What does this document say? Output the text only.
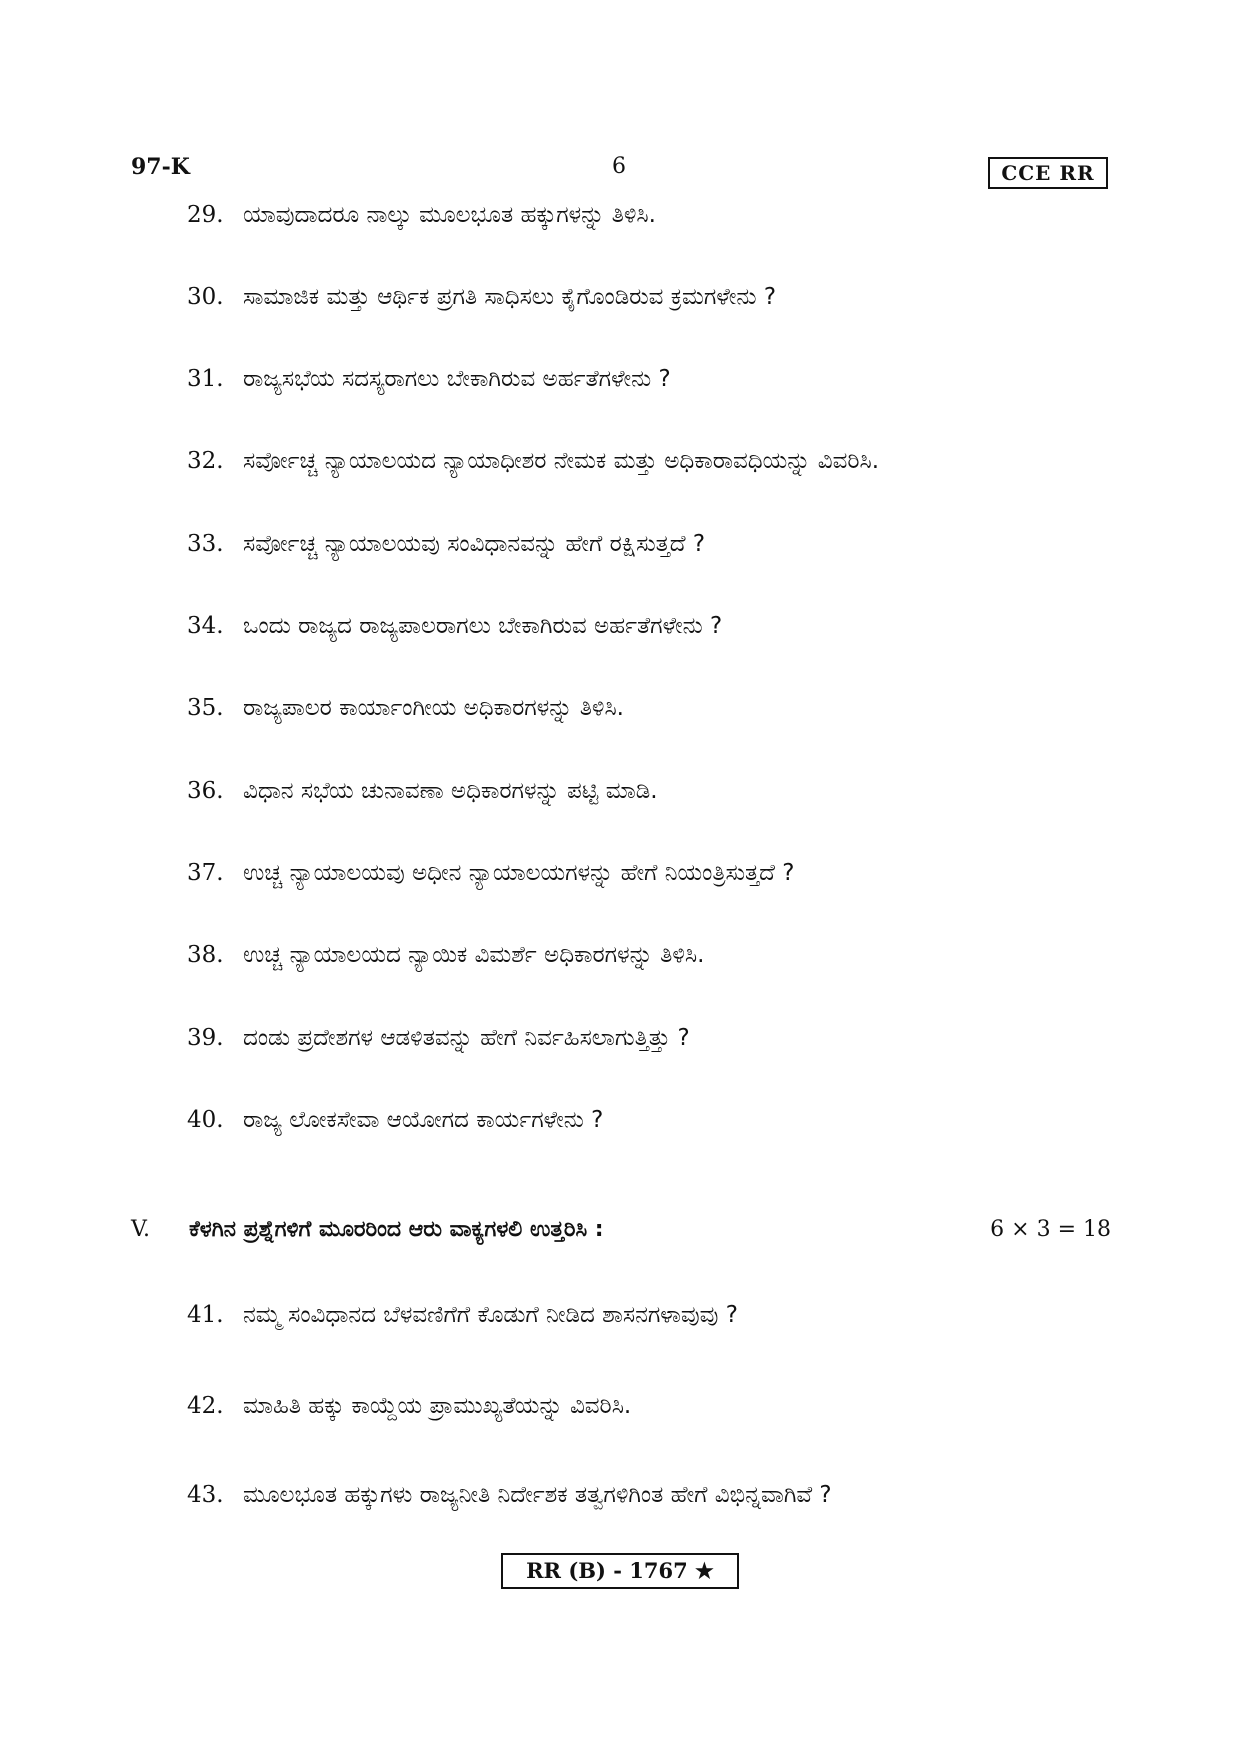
97-K	6	CCE RR
29. ಯಾವುದಾದರೂ ನಾಲ್ಕು ಮೂಲಭೂತ ಹಕ್ಕುಗಳನ್ನು ತಿಳಿಸಿ.
30. ಸಾಮಾಜಿಕ ಮತ್ತು ಆರ್ಥಿಕ ಪ್ರಗತಿ ಸಾಧಿಸಲು ಕೈಗೊಂಡಿರುವ ಕ್ರಮಗಳೇನು ?
31. ರಾಜ್ಯಸಭೆಯ ಸದಸ್ಯರಾಗಲು ಬೇಕಾಗಿರುವ ಅರ್ಹತೆಗಳೇನು ?
32. ಸರ್ವೋಚ್ಚ ನ್ಯಾಯಾಲಯದ ನ್ಯಾಯಾಧೀಶರ ನೇಮಕ ಮತ್ತು ಅಧಿಕಾರಾವಧಿಯನ್ನು ವಿವರಿಸಿ.
33. ಸರ್ವೋಚ್ಚ ನ್ಯಾಯಾಲಯವು ಸಂವಿಧಾನವನ್ನು ಹೇಗೆ ರಕ್ಷಿಸುತ್ತದೆ ?
34. ಒಂದು ರಾಜ್ಯದ ರಾಜ್ಯಪಾಲರಾಗಲು ಬೇಕಾಗಿರುವ ಅರ್ಹತೆಗಳೇನು ?
35. ರಾಜ್ಯಪಾಲರ ಕಾರ್ಯಾಂಗೀಯ ಅಧಿಕಾರಗಳನ್ನು ತಿಳಿಸಿ.
36. ವಿಧಾನ ಸಭೆಯ ಚುನಾವಣಾ ಅಧಿಕಾರಗಳನ್ನು ಪಟ್ಟಿ ಮಾಡಿ.
37. ಉಚ್ಚ ನ್ಯಾಯಾಲಯವು ಅಧೀನ ನ್ಯಾಯಾಲಯಗಳನ್ನು ಹೇಗೆ ನಿಯಂತ್ರಿಸುತ್ತದೆ ?
38. ಉಚ್ಚ ನ್ಯಾಯಾಲಯದ ನ್ಯಾಯಿಕ ವಿಮರ್ಶೆ ಅಧಿಕಾರಗಳನ್ನು ತಿಳಿಸಿ.
39. ದಂಡು ಪ್ರದೇಶಗಳ ಆಡಳಿತವನ್ನು ಹೇಗೆ ನಿರ್ವಹಿಸಲಾಗುತ್ತಿತ್ತು ?
40. ರಾಜ್ಯ ಲೋಕಸೇವಾ ಆಯೋಗದ ಕಾರ್ಯಗಳೇನು ?
V. ಕೆಳಗಿನ ಪ್ರಶ್ನೆಗಳಿಗೆ ಮೂರರಿಂದ ಆರು ವಾಕ್ಯಗಳಲಿ ಉತ್ತರಿಸಿ :	6 × 3 = 18
41. ನಮ್ಮ ಸಂವಿಧಾನದ ಬೆಳವಣಿಗೆಗೆ ಕೊಡುಗೆ ನೀಡಿದ ಶಾಸನಗಳಾವುವು ?
42. ಮಾಹಿತಿ ಹಕ್ಕು ಕಾಯ್ದೆಯ ಪ್ರಾಮುಖ್ಯತೆಯನ್ನು ವಿವರಿಸಿ.
43. ಮೂಲಭೂತ ಹಕ್ಕುಗಳು ರಾಜ್ಯನೀತಿ ನಿರ್ದೇಶಕ ತತ್ವಗಳಿಗಿಂತ ಹೇಗೆ ವಿಭಿನ್ನವಾಗಿವೆ ?
RR (B) - 1767 ★
